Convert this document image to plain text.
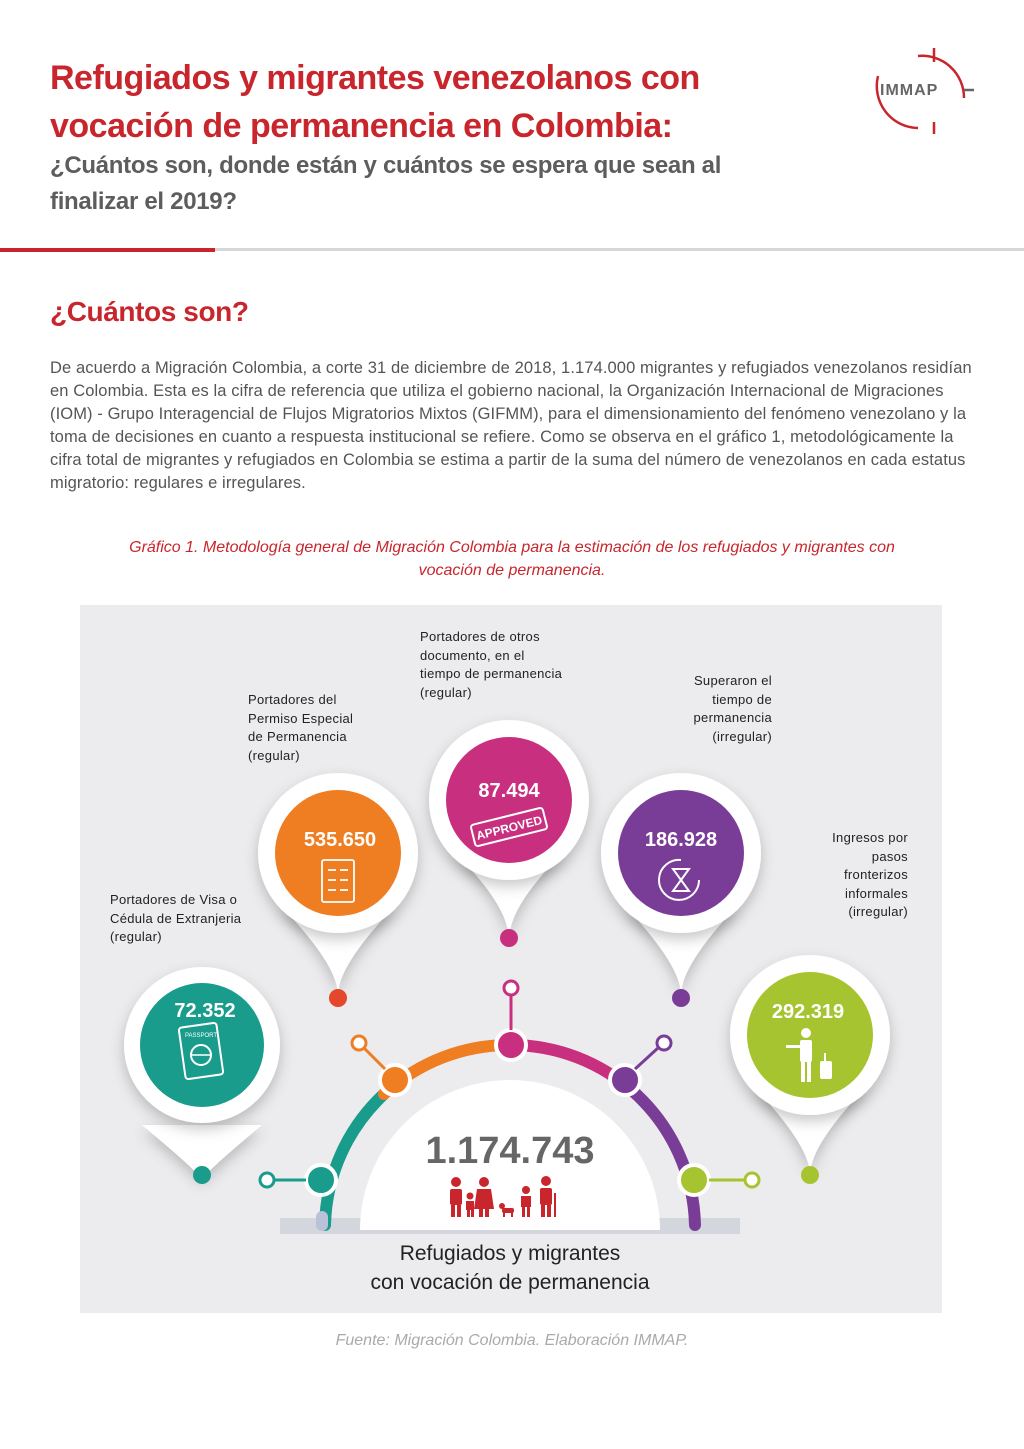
Refugiados y migrantes venezolanos con vocación de permanencia en Colombia:
¿Cuántos son, donde están y cuántos se espera que sean al finalizar el 2019?
IMMAP
¿Cuántos son?

De acuerdo a Migración Colombia, a corte 31 de diciembre de 2018, 1.174.000 migrantes y refugiados venezolanos residían en Colombia. Esta es la cifra de referencia que utiliza el gobierno nacional, la Organización Internacional de Migraciones (IOM) - Grupo Interagencial de Flujos Migratorios Mixtos (GIFMM), para el dimensionamiento del fenómeno venezolano y la toma de decisiones en cuanto a respuesta institucional se refiere. Como se observa en el gráfico 1, metodológicamente la cifra total de migrantes y refugiados en Colombia se estima a partir de la suma del número de venezolanos en cada estatus migratorio: regulares e irregulares.

Gráfico 1. Metodología general de Migración Colombia para la estimación de los refugiados y migrantes con vocación de permanencia.

1.174.743
Refugiados y migrantes
con vocación de permanencia
72.352
PASSPORT
535.650
87.494
APPROVED	186.928
292.319
Portadores de Visa o
Cédula de Extranjeria
(regular)
Portadores del
Permiso Especial
de Permanencia
(regular)
Portadores de otros
documento, en el
tiempo de permanencia
(regular)
Superaron el
tiempo de
permanencia
(irregular)
Ingresos por
pasos
fronterizos
informales
(irregular)

Fuente: Migración Colombia. Elaboración IMMAP.
